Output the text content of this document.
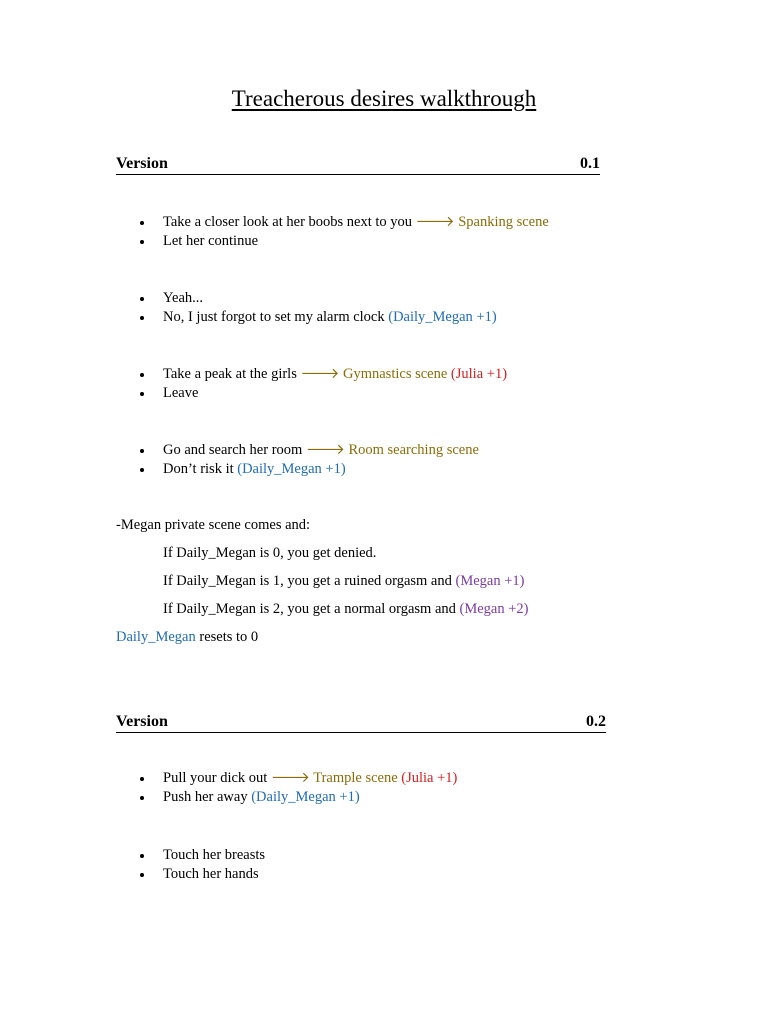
Treacherous desires walkthrough
Version	0.1
Take a closer look at her boobs next to you 🡒 Spanking scene
Let her continue
Yeah...
No, I just forgot to set my alarm clock (Daily_Megan +1)
Take a peak at the girls 🡒 Gymnastics scene (Julia +1)
Leave
Go and search her room 🡒 Room searching scene
Don’t risk it (Daily_Megan +1)
-Megan private scene comes and:
If Daily_Megan is 0, you get denied.
If Daily_Megan is 1, you get a ruined orgasm and (Megan +1)
If Daily_Megan is 2, you get a normal orgasm and (Megan +2)
Daily_Megan resets to 0
Version	0.2
Pull your dick out 🡒 Trample scene (Julia +1)
Push her away (Daily_Megan +1)
Touch her breasts
Touch her hands
